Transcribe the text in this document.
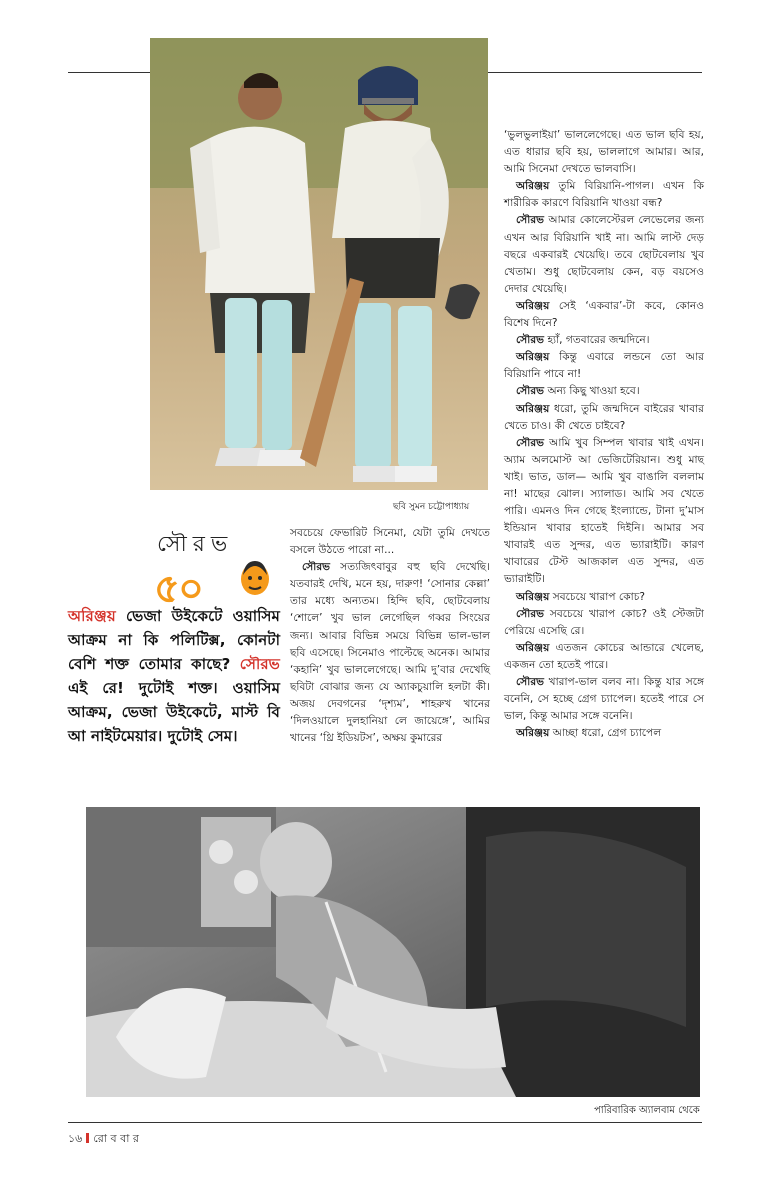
ছবি সুমন চট্টোপাধ্যায়
সৌরভ
৫০
অরিঞ্জয় ভেজা উইকেটে ওয়াসিম আক্রম না কি পলিটিক্স, কোনটা বেশি শক্ত তোমার কাছে? সৌরভ এই রে! দুটোই শক্ত। ওয়াসিম আক্রম, ভেজা উইকেটে, মাস্ট বি আ নাইটমেয়ার। দুটোই সেম।

সবচেয়ে ফেভারিট সিনেমা, যেটা তুমি দেখতে বসলে উঠতে পারো না...

সৌরভ সত্যজিৎবাবুর বহু ছবি দেখেছি। যতবারই দেখি, মনে হয়, দারুণ! ‘সোনার কেল্লা’ তার মধ্যে অন্যতম। হিন্দি ছবি, ছোটবেলায় ‘শোলে’ খুব ভাল লেগেছিল গব্বর সিংয়ের জন্য। আবার বিভিন্ন সময়ে বিভিন্ন ভাল-ভাল ছবি এসেছে। সিনেমাও পাল্টেছে অনেক। আমার ‘কহানি’ খুব ভাললেগেছে। আমি দু’বার দেখেছি ছবিটা বোঝার জন্য যে অ্যাকচুয়ালি হলটা কী। অজয় দেবগনের ‘দৃশ্যম’, শাহরুখ খানের ‘দিলওয়ালে দুলহানিয়া লে জায়েঙ্গে’, আমির খানের ‘থ্রি ইডিয়টস’, অক্ষয় কুমারের

‘ভুলভুলাইয়া’ ভাললেগেছে। এত ভাল ছবি হয়, এত ধারার ছবি হয়, ভাললাগে আমার। আর, আমি সিনেমা দেখতে ভালবাসি।

অরিঞ্জয় তুমি বিরিয়ানি-পাগল। এখন কি শারীরিক কারণে বিরিয়ানি খাওয়া বন্ধ?

সৌরভ আমার কোলেস্টেরল লেভেলের জন্য এখন আর বিরিয়ানি খাই না। আমি লাস্ট দেড় বছরে একবারই খেয়েছি। তবে ছোটবেলায় খুব খেতাম। শুধু ছোটবেলায় কেন, বড় বয়সেও দেদার খেয়েছি।

অরিঞ্জয় সেই ‘একবার’-টা কবে, কোনও বিশেষ দিনে?

সৌরভ হ্যাঁ, গতবারের জন্মদিনে।

অরিঞ্জয় কিন্তু এবারে লন্ডনে তো আর বিরিয়ানি পাবে না!

সৌরভ অন্য কিছু খাওয়া হবে।

অরিঞ্জয় ধরো, তুমি জন্মদিনে বাইরের খাবার খেতে চাও। কী খেতে চাইবে?

সৌরভ আমি খুব সিম্পল খাবার খাই এখন। অ্যাম অলমোস্ট আ ভেজিটেরিয়ান। শুধু মাছ খাই। ভাত, ডাল— আমি খুব বাঙালি বললাম না! মাছের ঝোল। স্যালাড। আমি সব খেতে পারি। এমনও দিন গেছে ইংল্যান্ডে, টানা দু’মাস ইন্ডিয়ান খাবার হাতেই দিইনি। আমার সব খাবারই এত সুন্দর, এত ভ্যারাইটি। কারণ খাবারের টেস্ট আজকাল এত সুন্দর, এত ভ্যারাইটি।

অরিঞ্জয় সবচেয়ে খারাপ কোচ?

সৌরভ সবচেয়ে খারাপ কোচ? ওই স্টেজটা পেরিয়ে এসেছি রে।

অরিঞ্জয় এতজন কোচের আন্ডারে খেলেছ, একজন তো হতেই পারে।

সৌরভ খারাপ-ভাল বলব না। কিন্তু যার সঙ্গে বনেনি, সে হচ্ছে গ্রেগ চ্যাপেল। হতেই পারে সে ভাল, কিন্তু আমার সঙ্গে বনেনি।

অরিঞ্জয় আচ্ছা ধরো, গ্রেগ চ্যাপেল

পারিবারিক অ্যালবাম থেকে
১৬ রো ব বা র
